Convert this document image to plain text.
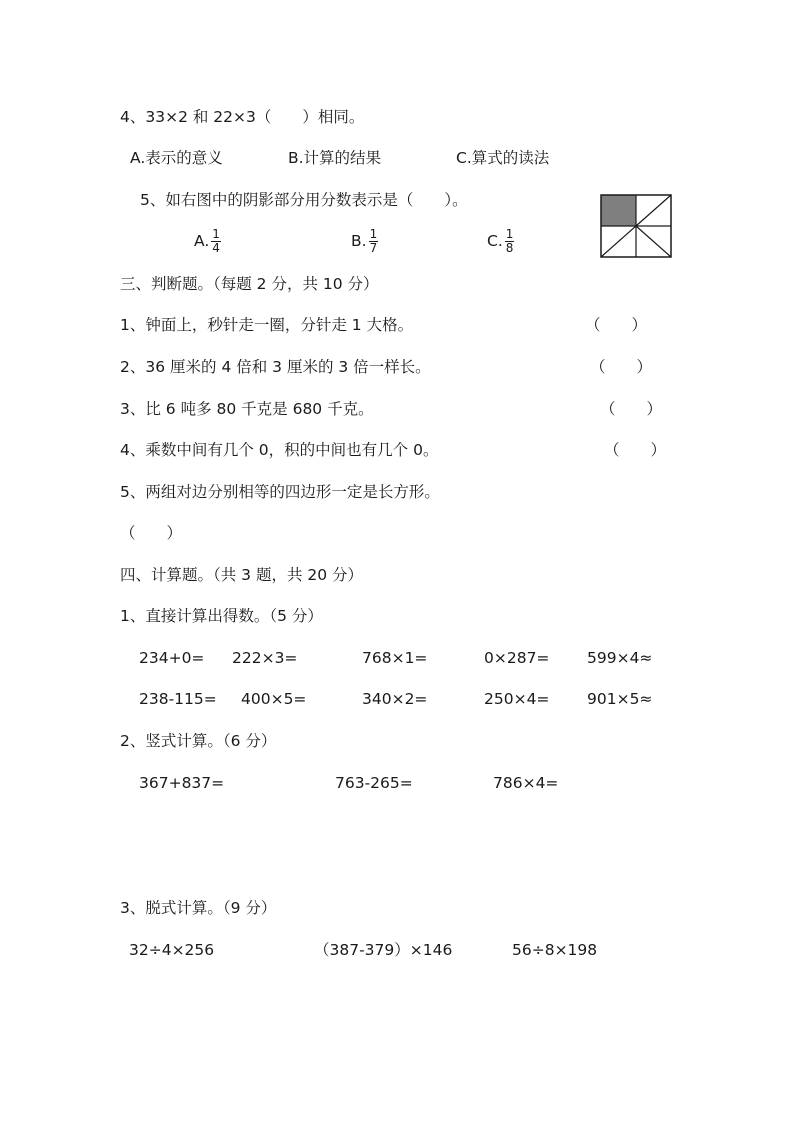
4、33×2 和 22×3（　　）相同。
A.表示的意义	B.计算的结果	C.算式的读法
5、如右图中的阴影部分用分数表示是（　　）。
A. $\frac{1}{4}$	B. $\frac{1}{7}$	C. $\frac{1}{8}$
三、判断题。（每题 2 分，共 10 分）
1、钟面上，秒针走一圈，分针走 1 大格。	（　　）
2、36 厘米的 4 倍和 3 厘米的 3 倍一样长。	（　　）
3、比 6 吨多 80 千克是 680 千克。	（　　）
4、乘数中间有几个 0，积的中间也有几个 0。	（　　）
5、两组对边分别相等的四边形一定是长方形。
（　　）
四、计算题。（共 3 题，共 20 分）
1、直接计算出得数。（5 分）
234+0= 222×3=	768×1=	0×287= 599×4≈
238-115= 400×5=	340×2=	250×4= 901×5≈
2、竖式计算。（6 分）
367+837=	763-265=	786×4=
3、脱式计算。（9 分）
32÷4×256	（387-379）×146	56÷8×198
